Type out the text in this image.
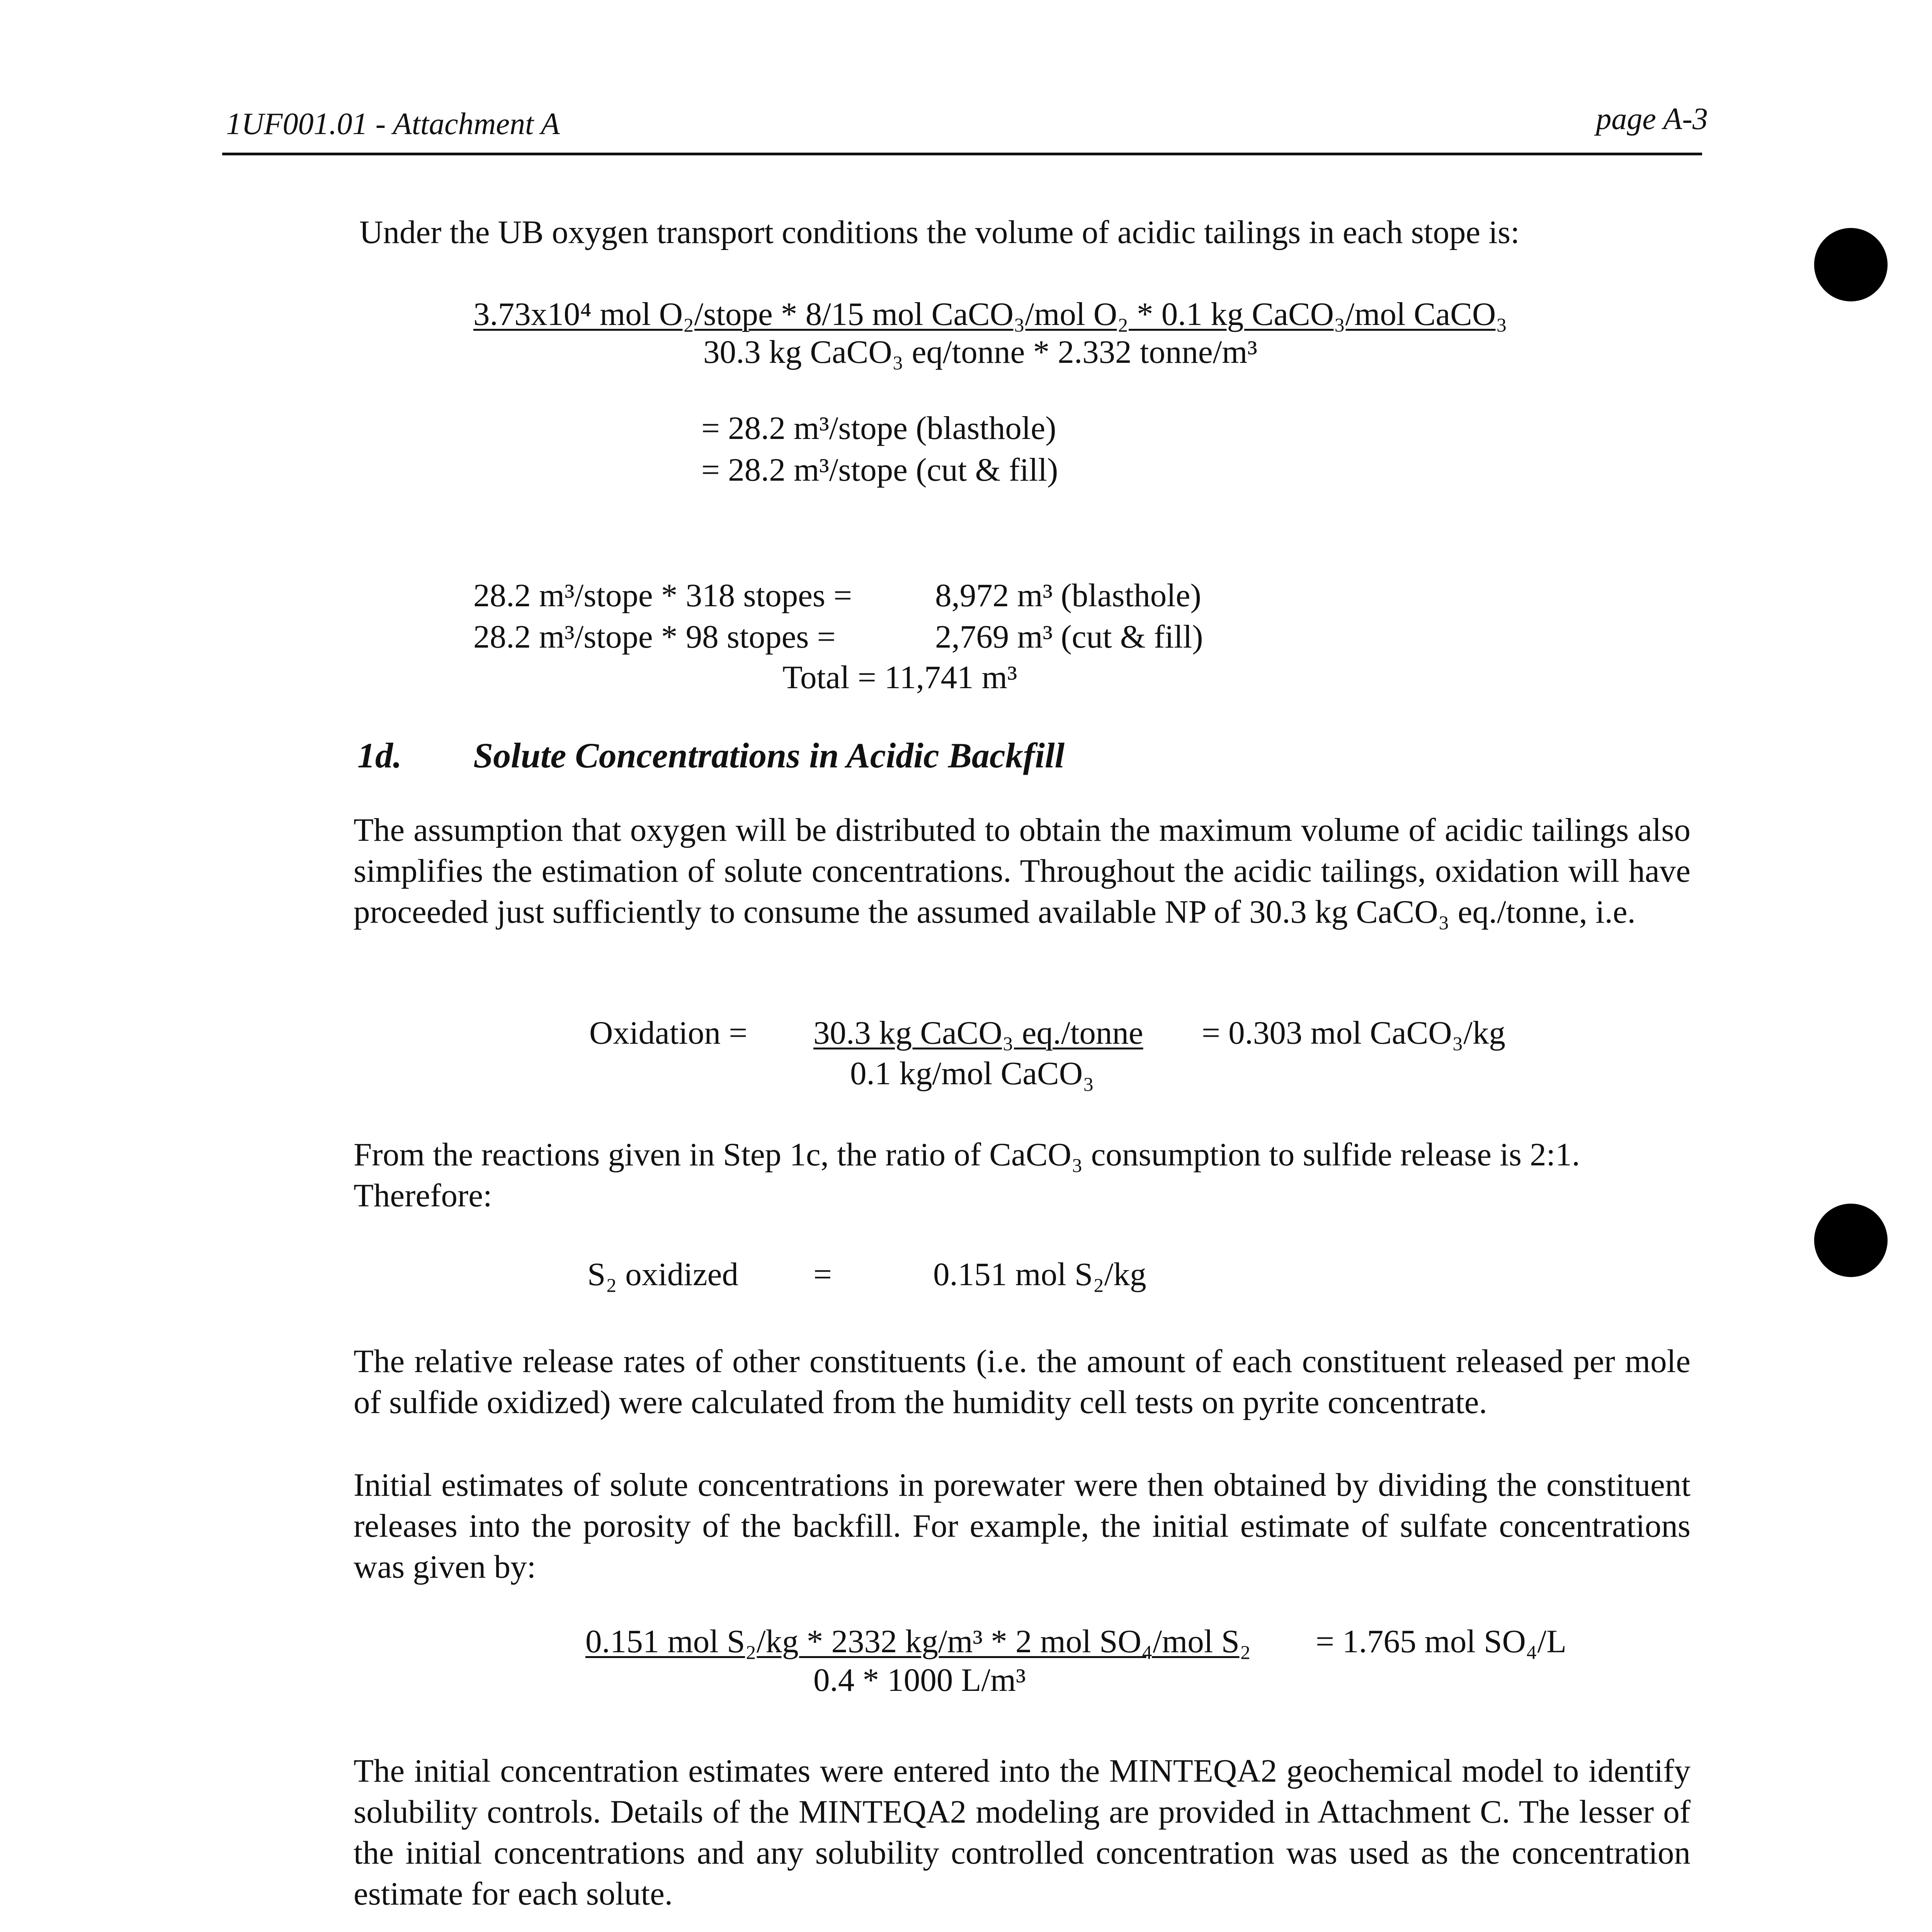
1UF001.01 - Attachment A	page A-3
Under the UB oxygen transport conditions the volume of acidic tailings in each stope is:
3.73x10⁴ mol O₂/stope * 8/15 mol CaCO₃/mol O₂ * 0.1 kg CaCO₃/mol CaCO₃
30.3 kg CaCO₃ eq/tonne * 2.332 tonne/m³
= 28.2 m³/stope (blasthole)
= 28.2 m³/stope (cut & fill)
28.2 m³/stope * 318 stopes =	8,972 m³ (blasthole)
28.2 m³/stope * 98 stopes =	2,769 m³ (cut & fill)
Total = 11,741 m³
1d. Solute Concentrations in Acidic Backfill
The assumption that oxygen will be distributed to obtain the maximum volume of acidic tailings also simplifies the estimation of solute concentrations. Throughout the acidic tailings, oxidation will have proceeded just sufficiently to consume the assumed available NP of 30.3 kg CaCO₃ eq./tonne, i.e.
Oxidation = 30.3 kg CaCO₃ eq./tonne
0.1 kg/mol CaCO₃
= 0.303 mol CaCO₃/kg
From the reactions given in Step 1c, the ratio of CaCO₃ consumption to sulfide release is 2:1. Therefore:
S₂ oxidized =	0.151 mol S₂/kg
The relative release rates of other constituents (i.e. the amount of each constituent released per mole of sulfide oxidized) were calculated from the humidity cell tests on pyrite concentrate.
Initial estimates of solute concentrations in porewater were then obtained by dividing the constituent releases into the porosity of the backfill. For example, the initial estimate of sulfate concentrations was given by:
0.151 mol S₂/kg * 2332 kg/m³ * 2 mol SO₄/mol S₂
0.4 * 1000 L/m³
= 1.765 mol SO₄/L
The initial concentration estimates were entered into the MINTEQA2 geochemical model to identify solubility controls. Details of the MINTEQA2 modeling are provided in Attachment C. The lesser of the initial concentrations and any solubility controlled concentration was used as the concentration estimate for each solute.
